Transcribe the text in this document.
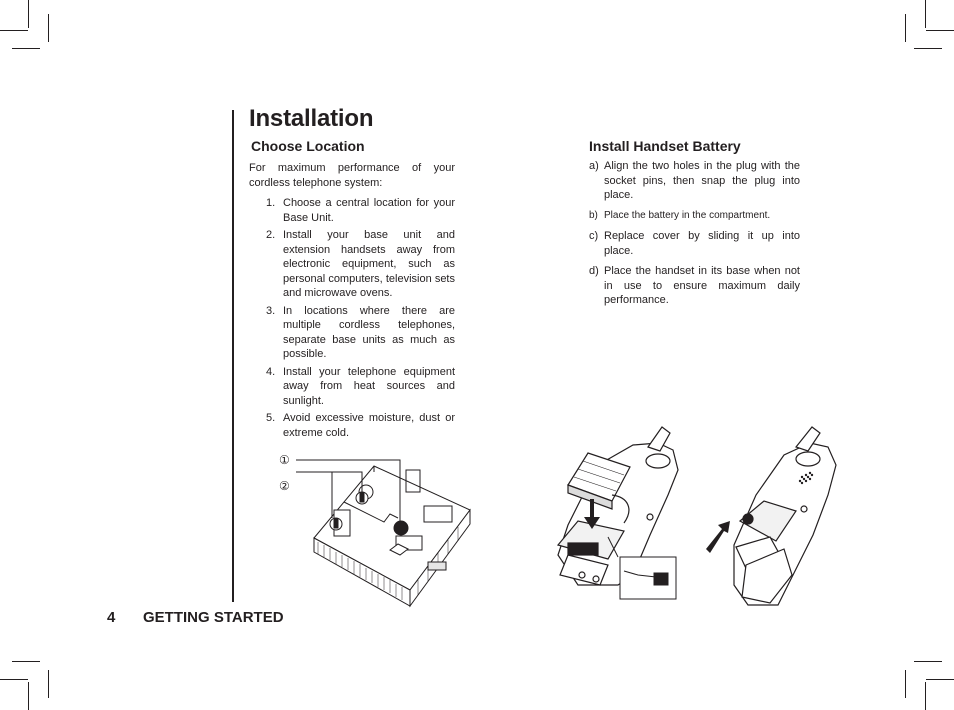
Installation
Choose Location
For maximum performance of your cordless telephone system:
1. Choose a central location for your Base Unit.
2. Install your base unit and extension handsets away from electronic equipment, such as personal computers, television sets and microwave ovens.
3. In locations where there are multiple cordless telephones, separate base units as much as possible.
4. Install your telephone equipment away from heat sources and sunlight.
5. Avoid excessive moisture, dust or extreme cold.
Install Handset Battery
a) Align the two holes in the plug with the socket pins, then snap the plug into place.
b) Place the battery in the compartment.
c) Replace cover by sliding it up into place.
d) Place the handset in its base when not in use to ensure maximum daily performance.
①
②
4 GETTING STARTED
